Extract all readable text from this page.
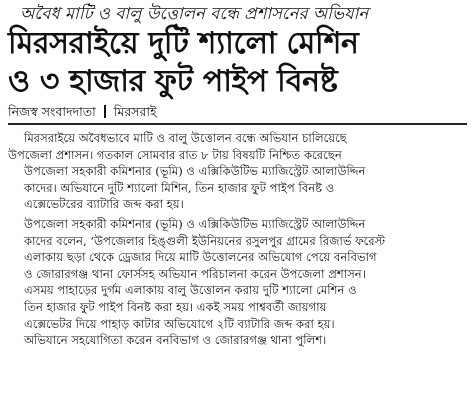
অবৈধ মাটি ও বালু উত্তোলন বন্ধে প্রশাসনের অভিযান
মিরসরাইয়ে দুটি শ্যালো মেশিন
ও ৩ হাজার ফুট পাইপ বিনষ্ট
নিজস্ব সংবাদদাতা মিরসরাই
মিরসরাইয়ে অবৈধভাবে মাটি ও বালু উত্তোলন বন্ধে অভিযান চালিয়েছে
উপজেলা প্রশাসন। গতকাল সোমবার রাত ৮ টায় বিষয়টি নিশ্চিত করেছেন
উপজেলা সহকারী কমিশনার (ভূমি) ও এক্সিকিউটিভ ম্যাজিস্ট্রেট আলাউদ্দিন
কাদের। অভিযানে দুটি শ্যালো মিশিন, তিন হাজার ফুট পাইপ বিনষ্ট ও
এক্সেভেটরের ব্যাটারি জব্দ করা হয়।
উপজেলা সহকারী কমিশনার (ভূমি) ও এক্সিকিউটিভ ম্যাজিস্ট্রেট আলাউদ্দিন
কাদের বলেন, ‘উপজেলার হিঙ্গুলী ইউনিয়নের রসুলপুর গ্রামের রিজার্ভ ফরেস্ট
এলাকায় ছড়া থেকে ড্রেজার দিয়ে মাটি উত্তোলনের অভিযোগ পেয়ে বনবিভাগ
ও জোরারগঞ্জ থানা ফোর্সসহ অভিযান পরিচালনা করেন উপজেলা প্রশাসন।
এসময় পাহাড়ের দুর্গম এলাকায় বালু উত্তোলন করায় দুটি শ্যালো মেশিন ও
তিন হাজার ফুট পাইপ বিনষ্ট করা হয়। একই সময় পাশ্ববর্তী জায়গায়
এক্সেভেটর দিয়ে পাহাড় কাটার অভিযোগে ২টি ব্যাটারি জব্দ করা হয়।
অভিযানে সহযোগিতা করেন বনবিভাগ ও জোরারগঞ্জ থানা পুলিশ।
